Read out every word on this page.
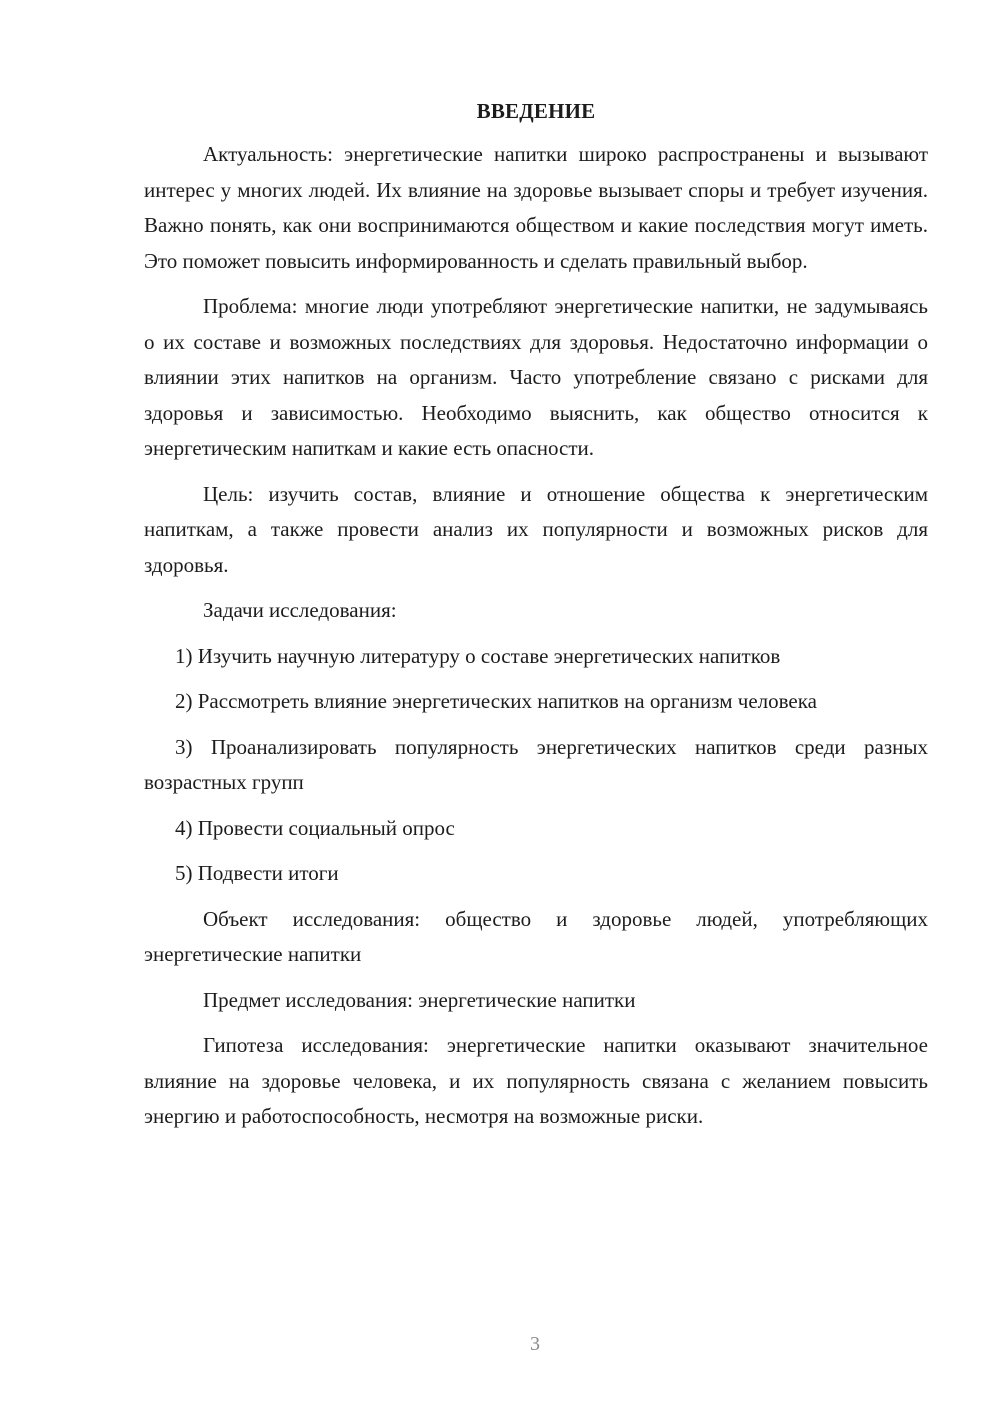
ВВЕДЕНИЕ

Актуальность: энергетические напитки широко распространены и вызывают интерес у многих людей. Их влияние на здоровье вызывает споры и требует изучения. Важно понять, как они воспринимаются обществом и какие последствия могут иметь. Это поможет повысить информированность и сделать правильный выбор.

Проблема: многие люди употребляют энергетические напитки, не задумываясь о их составе и возможных последствиях для здоровья. Недостаточно информации о влиянии этих напитков на организм. Часто употребление связано с рисками для здоровья и зависимостью. Необходимо выяснить, как общество относится к энергетическим напиткам и какие есть опасности.

Цель: изучить состав, влияние и отношение общества к энергетическим напиткам, а также провести анализ их популярности и возможных рисков для здоровья.

Задачи исследования:

1) Изучить научную литературу о составе энергетических напитков

2) Рассмотреть влияние энергетических напитков на организм человека

3) Проанализировать популярность энергетических напитков среди разных возрастных групп

4) Провести социальный опрос

5) Подвести итоги

Объект исследования: общество и здоровье людей, употребляющих энергетические напитки

Предмет исследования: энергетические напитки

Гипотеза исследования: энергетические напитки оказывают значительное влияние на здоровье человека, и их популярность связана с желанием повысить энергию и работоспособность, несмотря на возможные риски.

3
